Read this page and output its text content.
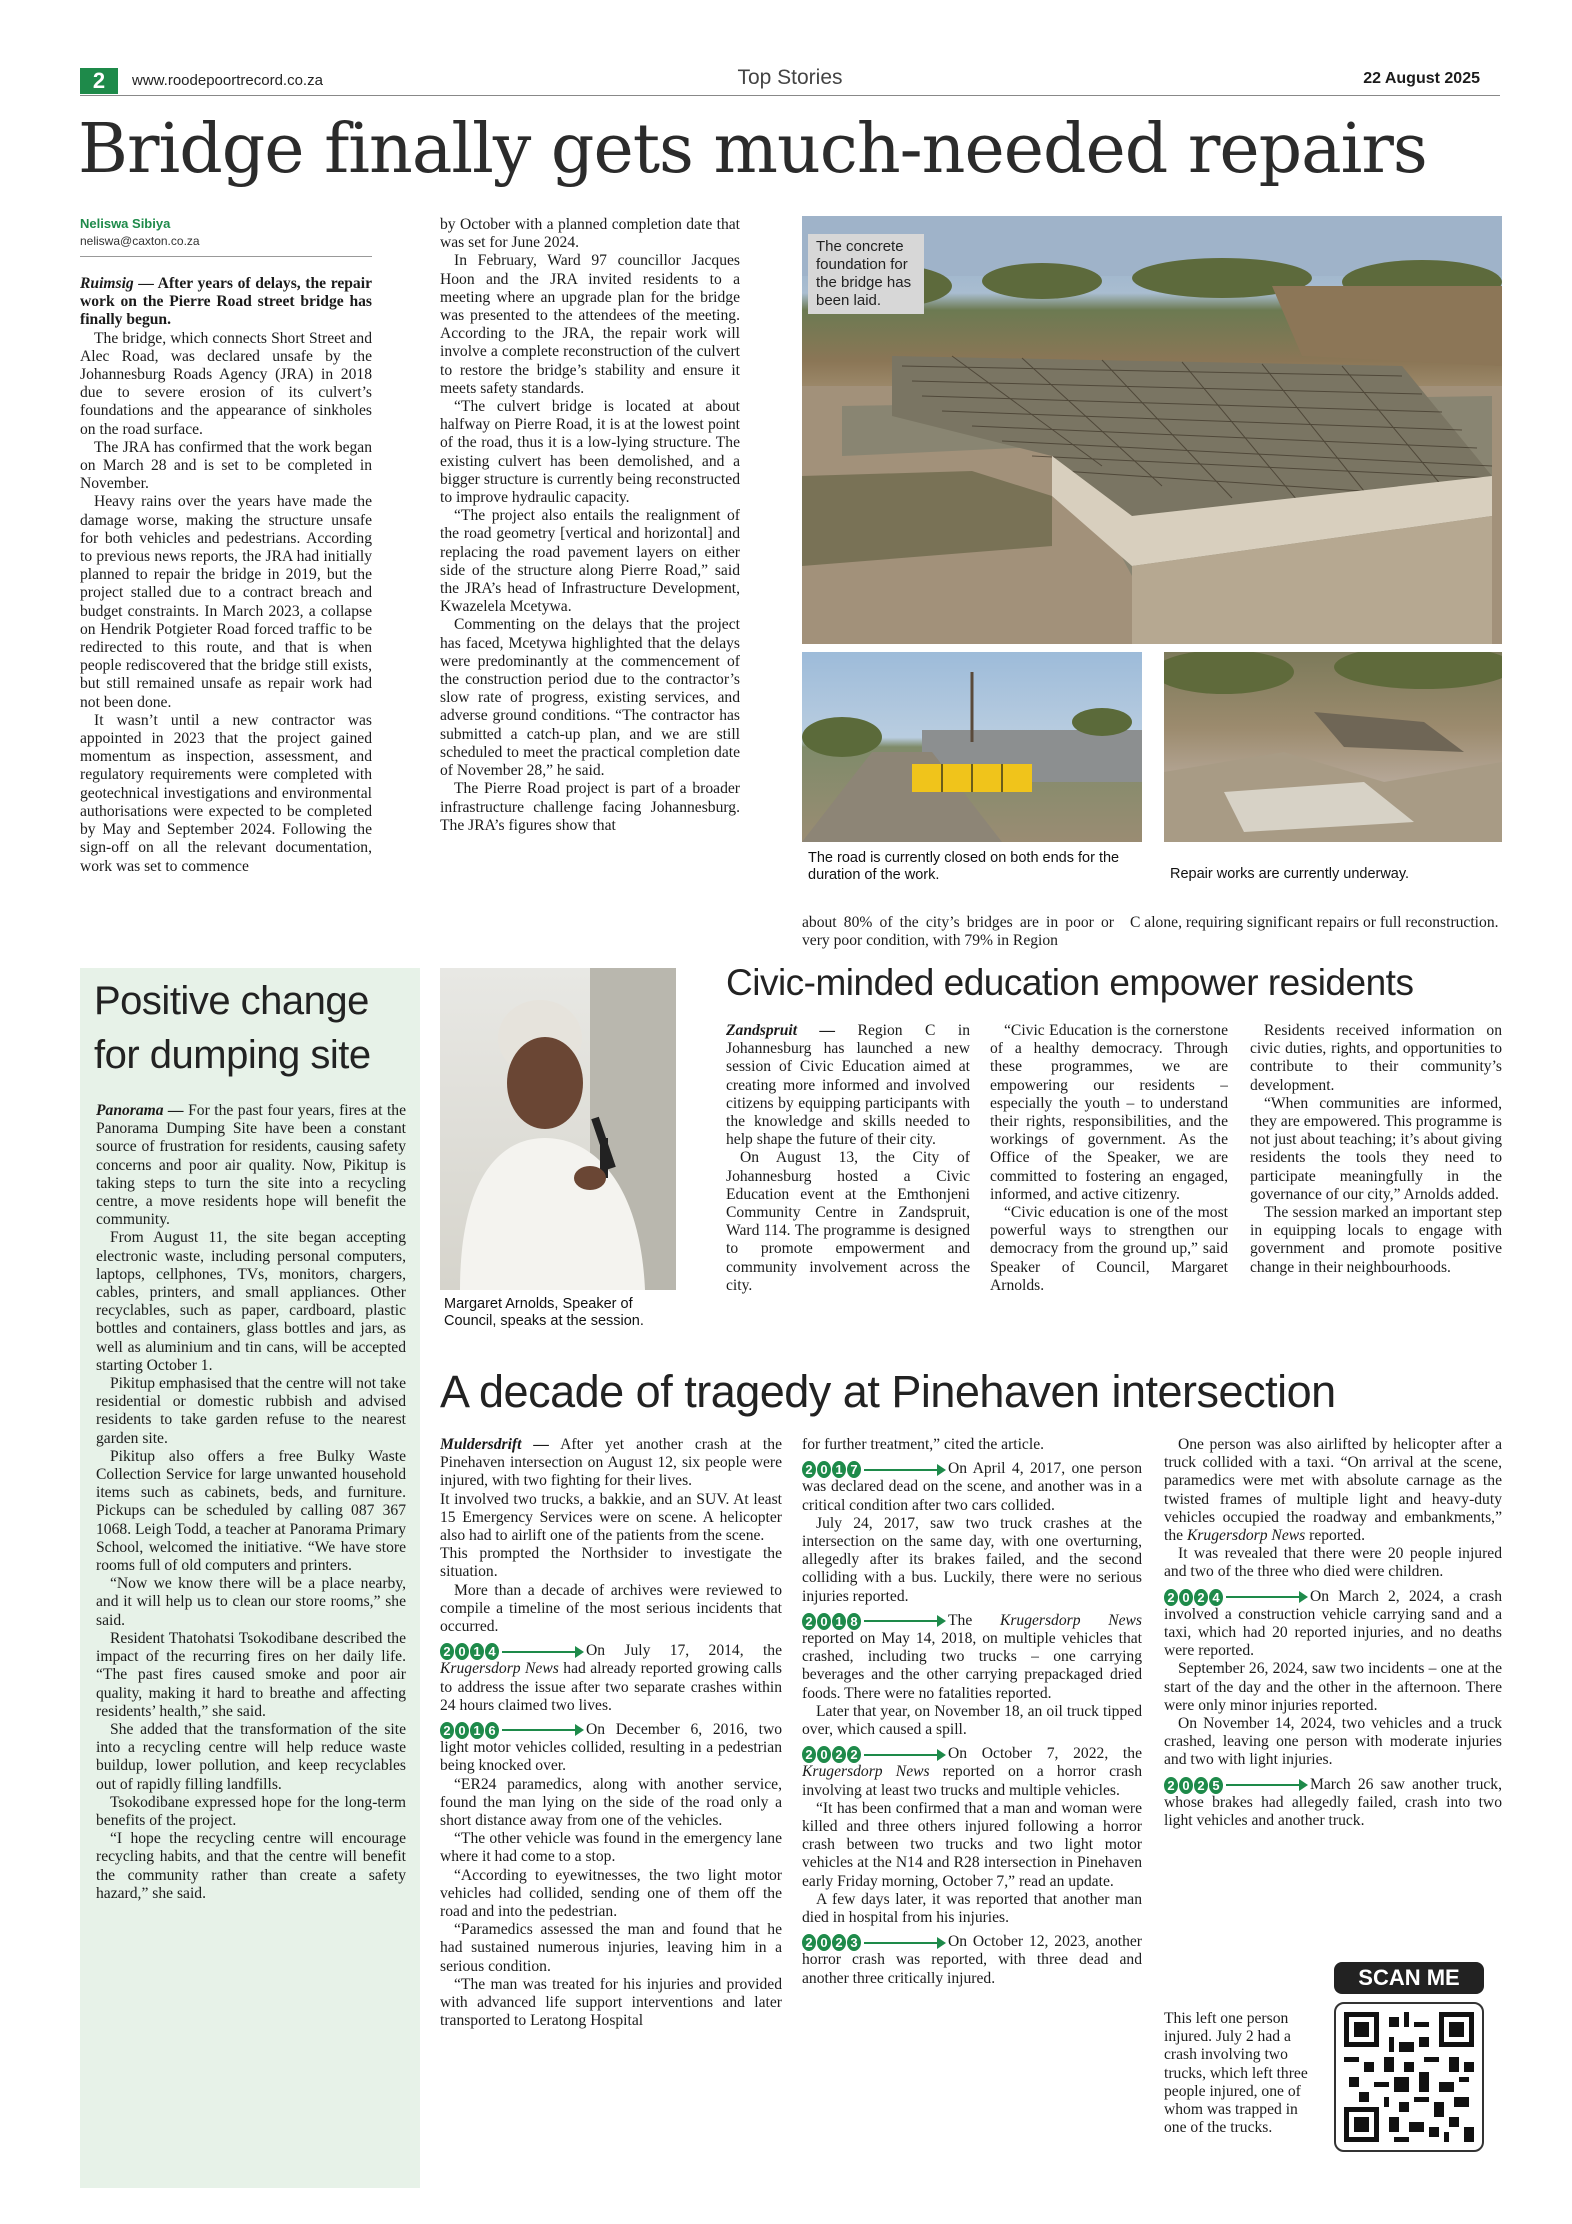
2	www.roodepoortrecord.co.za	Top Stories	22 August 2025
Bridge finally gets much-needed repairs
Neliswa Sibiya
neliswa@caxton.co.za

Ruimsig — After years of delays, the repair work on the Pierre Road street bridge has finally begun.

The bridge, which connects Short Street and Alec Road, was declared unsafe by the Johannesburg Roads Agency (JRA) in 2018 due to severe erosion of its culvert’s foundations and the appearance of sinkholes on the road surface.

The JRA has confirmed that the work began on March 28 and is set to be completed in November.

Heavy rains over the years have made the damage worse, making the structure unsafe for both vehicles and pedestrians. According to previous news reports, the JRA had initially planned to repair the bridge in 2019, but the project stalled due to a contract breach and budget constraints. In March 2023, a collapse on Hendrik Potgieter Road forced traffic to be redirected to this route, and that is when people rediscovered that the bridge still exists, but still remained unsafe as repair work had not been done.

It wasn’t until a new contractor was appointed in 2023 that the project gained momentum as inspection, assessment, and regulatory requirements were completed with geotechnical investigations and environmental authorisations were expected to be completed by May and September 2024. Following the sign-off on all the relevant documentation, work was set to commence

by October with a planned completion date that was set for June 2024.

In February, Ward 97 councillor Jacques Hoon and the JRA invited residents to a meeting where an upgrade plan for the bridge was presented to the attendees of the meeting. According to the JRA, the repair work will involve a complete reconstruction of the culvert to restore the bridge’s stability and ensure it meets safety standards.

“The culvert bridge is located at about halfway on Pierre Road, it is at the lowest point of the road, thus it is a low-lying structure. The existing culvert has been demolished, and a bigger structure is currently being reconstructed to improve hydraulic capacity.

“The project also entails the realignment of the road geometry [vertical and horizontal] and replacing the road pavement layers on either side of the structure along Pierre Road,” said the JRA’s head of Infrastructure Development, Kwazelela Mcetywa.

Commenting on the delays that the project has faced, Mcetywa highlighted that the delays were predominantly at the commencement of the construction period due to the contractor’s slow rate of progress, existing services, and adverse ground conditions. “The contractor has submitted a catch-up plan, and we are still scheduled to meet the practical completion date of November 28,” he said.

The Pierre Road project is part of a broader infrastructure challenge facing Johannesburg. The JRA’s figures show that

The concrete foundation for the bridge has been laid.
The road is currently closed on both ends for the duration of the work.	Repair works are currently underway.

about 80% of the city’s bridges are in poor or very poor condition, with 79% in Region

C alone, requiring significant repairs or full reconstruction.

Positive change for dumping site

Panorama — For the past four years, fires at the Panorama Dumping Site have been a constant source of frustration for residents, causing safety concerns and poor air quality. Now, Pikitup is taking steps to turn the site into a recycling centre, a move residents hope will benefit the community.

From August 11, the site began accepting electronic waste, including personal computers, laptops, cellphones, TVs, monitors, chargers, cables, printers, and small appliances. Other recyclables, such as paper, cardboard, plastic bottles and containers, glass bottles and jars, as well as aluminium and tin cans, will be accepted starting October 1.

Pikitup emphasised that the centre will not take residential or domestic rubbish and advised residents to take garden refuse to the nearest garden site.

Pikitup also offers a free Bulky Waste Collection Service for large unwanted household items such as cabinets, beds, and furniture. Pickups can be scheduled by calling 087 367 1068. Leigh Todd, a teacher at Panorama Primary School, welcomed the initiative. “We have store rooms full of old computers and printers.

“Now we know there will be a place nearby, and it will help us to clean our store rooms,” she said.

Resident Thatohatsi Tsokodibane described the impact of the recurring fires on her daily life. “The past fires caused smoke and poor air quality, making it hard to breathe and affecting residents’ health,” she said.

She added that the transformation of the site into a recycling centre will help reduce waste buildup, lower pollution, and keep recyclables out of rapidly filling landfills.

Tsokodibane expressed hope for the long-term benefits of the project.

“I hope the recycling centre will encourage recycling habits, and that the centre will benefit the community rather than create a safety hazard,” she said.

Margaret Arnolds, Speaker of Council, speaks at the session.
Civic-minded education empower residents

Zandspruit — Region C in Johannesburg has launched a new session of Civic Education aimed at creating more informed and involved citizens by equipping participants with the knowledge and skills needed to help shape the future of their city.

On August 13, the City of Johannesburg hosted a Civic Education event at the Emthonjeni Community Centre in Zandspruit, Ward 114. The programme is designed to promote empowerment and community involvement across the city.

“Civic Education is the cornerstone of a healthy democracy. Through these programmes, we are empowering our residents – especially the youth – to understand their rights, responsibilities, and the workings of government. As the Office of the Speaker, we are committed to fostering an engaged, informed, and active citizenry.

“Civic education is one of the most powerful ways to strengthen our democracy from the ground up,” said Speaker of Council, Margaret Arnolds.

Residents received information on civic duties, rights, and opportunities to contribute to their community’s development.

“When communities are informed, they are empowered. This programme is not just about teaching; it’s about giving residents the tools they need to participate meaningfully in the governance of our city,” Arnolds added.

The session marked an important step in equipping locals to engage with government and promote positive change in their neighbourhoods.

A decade of tragedy at Pinehaven intersection

Muldersdrift — After yet another crash at the Pinehaven intersection on August 12, six people were injured, with two fighting for their lives.

It involved two trucks, a bakkie, and an SUV. At least 15 Emergency Services were on scene. A helicopter also had to airlift one of the patients from the scene.

This prompted the Northsider to investigate the situation.

More than a decade of archives were reviewed to compile a timeline of the most serious incidents that occurred.

2 0 1 4	On July 17, 2014, the Krugersdorp News had already reported growing calls to address the issue after two separate crashes within 24 hours claimed two lives.

2 0 1 6	On December 6, 2016, two light motor vehicles collided, resulting in a pedestrian being knocked over.

“ER24 paramedics, along with another service, found the man lying on the side of the road only a short distance away from one of the vehicles.

“The other vehicle was found in the emergency lane where it had come to a stop.

“According to eyewitnesses, the two light motor vehicles had collided, sending one of them off the road and into the pedestrian.

“Paramedics assessed the man and found that he had sustained numerous injuries, leaving him in a serious condition.

“The man was treated for his injuries and provided with advanced life support interventions and later transported to Leratong Hospital

for further treatment,” cited the article.

2 0 1 7	On April 4, 2017, one person was declared dead on the scene, and another was in a critical condition after two cars collided.

July 24, 2017, saw two truck crashes at the intersection on the same day, with one overturning, allegedly after its brakes failed, and the second colliding with a bus. Luckily, there were no serious injuries reported.

2 0 1 8	The Krugersdorp News reported on May 14, 2018, on multiple vehicles that crashed, including two trucks – one carrying beverages and the other carrying prepackaged dried foods. There were no fatalities reported.

Later that year, on November 18, an oil truck tipped over, which caused a spill.

2 0 2 2	On October 7, 2022, the Krugersdorp News reported on a horror crash involving at least two trucks and multiple vehicles.

“It has been confirmed that a man and woman were killed and three others injured following a horror crash between two trucks and two light motor vehicles at the N14 and R28 intersection in Pinehaven early Friday morning, October 7,” read an update.

A few days later, it was reported that another man died in hospital from his injuries.

2 0 2 3	On October 12, 2023, another horror crash was reported, with three dead and another three critically injured.

One person was also airlifted by helicopter after a truck collided with a taxi. “On arrival at the scene, paramedics were met with absolute carnage as the twisted frames of multiple light and heavy-duty vehicles occupied the roadway and embankments,” the Krugersdorp News reported.

It was revealed that there were 20 people injured and two of the three who died were children.

2 0 2 4	On March 2, 2024, a crash involved a construction vehicle carrying sand and a taxi, which had 20 reported injuries, and no deaths were reported.

September 26, 2024, saw two incidents – one at the start of the day and the other in the afternoon. There were only minor injuries reported.

On November 14, 2024, two vehicles and a truck crashed, leaving one person with moderate injuries and two with light injuries.

2 0 2 5	March 26 saw another truck, whose brakes had allegedly failed, crash into two light vehicles and another truck.

This left one person injured. July 2 had a crash involving two trucks, which left three people injured, one of whom was trapped in one of the trucks.

SCAN ME
